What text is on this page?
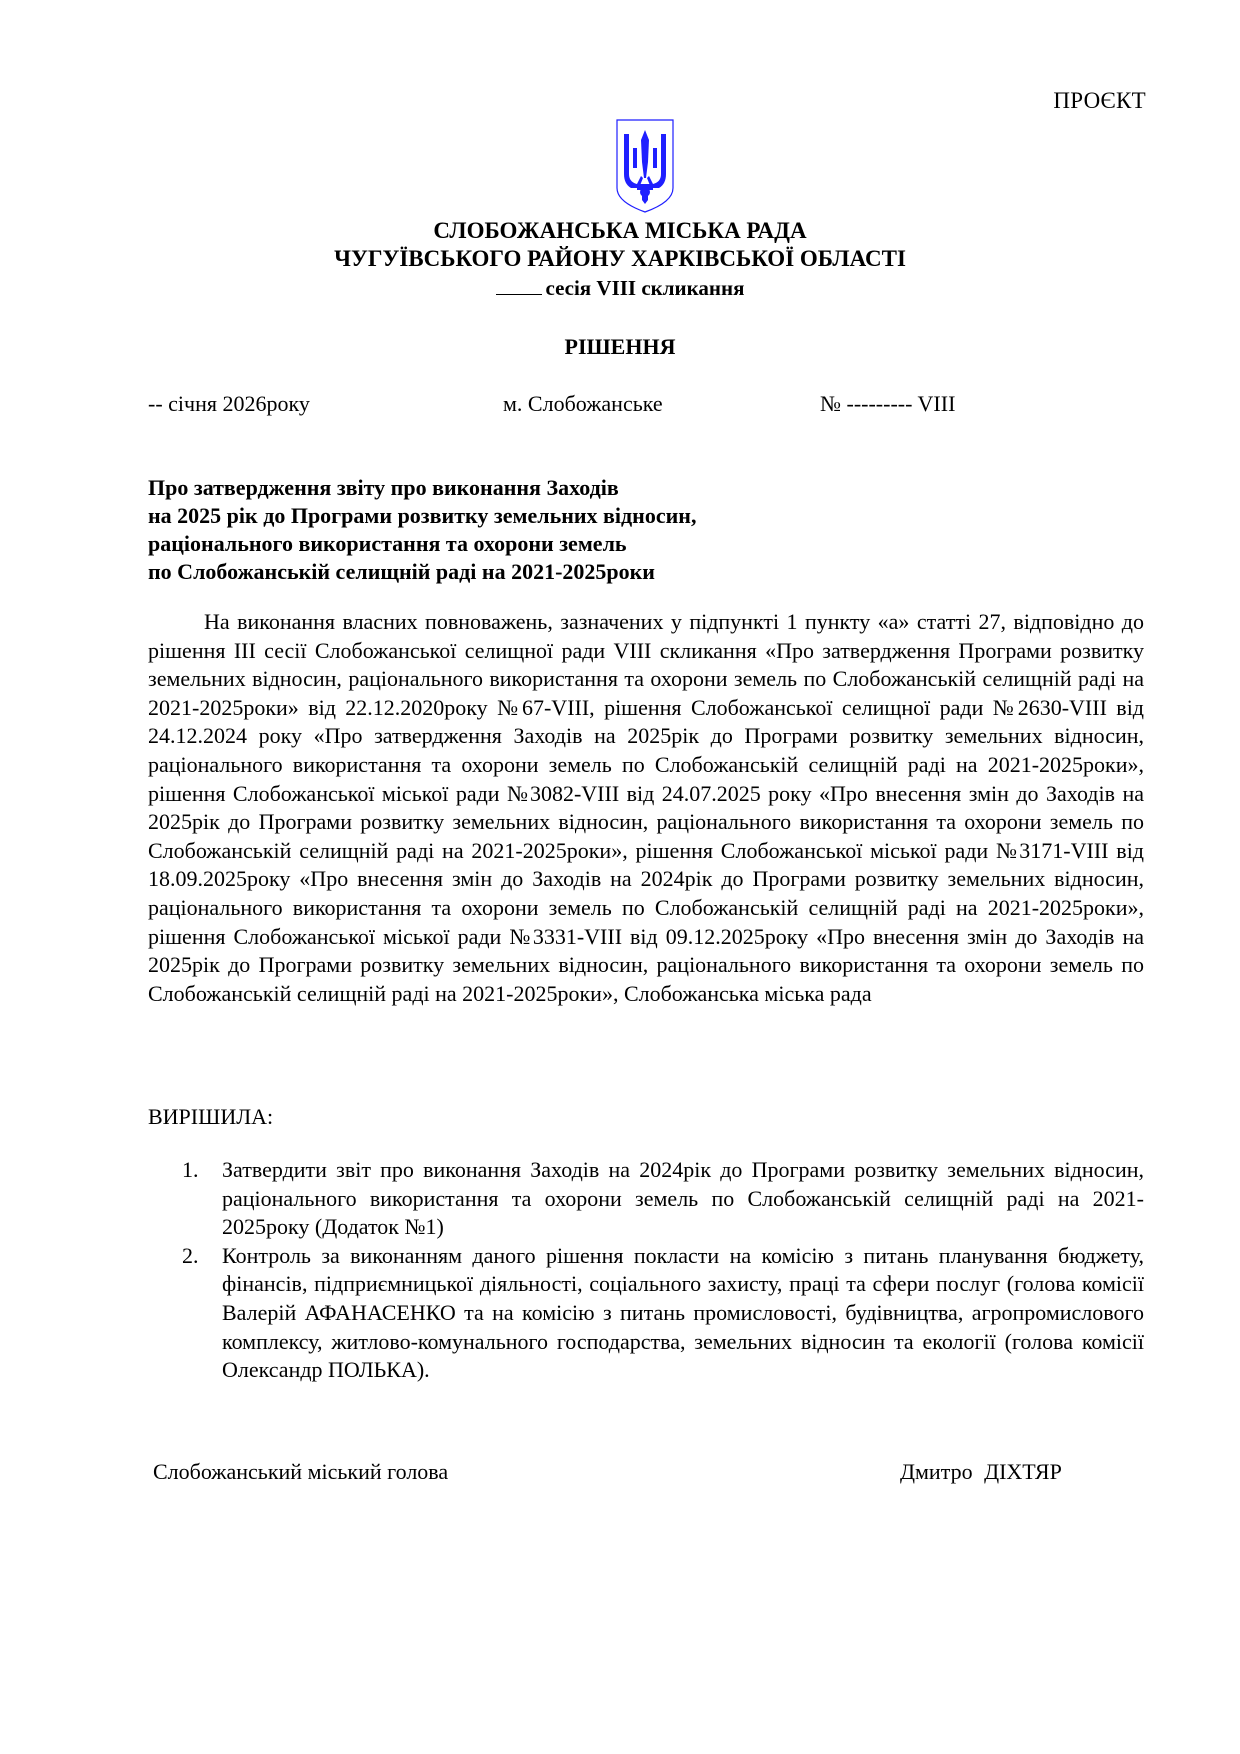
ПРОЄКТ
СЛОБОЖАНСЬКА МІСЬКА РАДА
ЧУГУЇВСЬКОГО РАЙОНУ ХАРКІВСЬКОЇ ОБЛАСТІ
сесія VIII скликання
РІШЕННЯ
-- січня 2026року	м. Слобожанське	№ --------- VIII
Про затвердження звіту про виконання Заходів
на 2025 рік до Програми розвитку земельних відносин,
раціонального використання та охорони земель
по Слобожанській селищній раді на 2021-2025роки
На виконання власних повноважень, зазначених у підпункті 1 пункту «а» статті 27, відповідно до рішення ІІІ сесії Слобожанської селищної ради VIII скликання «Про затвердження Програми розвитку земельних відносин, раціонального використання та охорони земель по Слобожанській селищній раді на 2021-2025роки» від 22.12.2020року №67-VIII, рішення Слобожанської селищної ради №2630-VIII від 24.12.2024 року «Про затвердження Заходів на 2025рік до Програми розвитку земельних відносин, раціонального використання та охорони земель по Слобожанській селищній раді на 2021-2025роки», рішення Слобожанської міської ради №3082-VIII від 24.07.2025 року «Про внесення змін до Заходів на 2025рік до Програми розвитку земельних відносин, раціонального використання та охорони земель по Слобожанській селищній раді на 2021-2025роки», рішення Слобожанської міської ради №3171-VIII від 18.09.2025року «Про внесення змін до Заходів на 2024рік до Програми розвитку земельних відносин, раціонального використання та охорони земель по Слобожанській селищній раді на 2021-2025роки», рішення Слобожанської міської ради №3331-VIII від 09.12.2025року «Про внесення змін до Заходів на 2025рік до Програми розвитку земельних відносин, раціонального використання та охорони земель по Слобожанській селищній раді на 2021-2025роки», Слобожанська міська рада
ВИРІШИЛА:
1. Затвердити звіт про виконання Заходів на 2024рік до Програми розвитку земельних відносин, раціонального використання та охорони земель по Слобожанській селищній раді на 2021-2025року (Додаток №1)
2. Контроль за виконанням даного рішення покласти на комісію з питань планування бюджету, фінансів, підприємницької діяльності, соціального захисту, праці та сфери послуг (голова комісії Валерій АФАНАСЕНКО та на комісію з питань промисловості, будівництва, агропромислового комплексу, житлово-комунального господарства, земельних відносин та екології (голова комісії Олександр ПОЛЬКА).
Слобожанський міський голова	Дмитро ДІХТЯР
